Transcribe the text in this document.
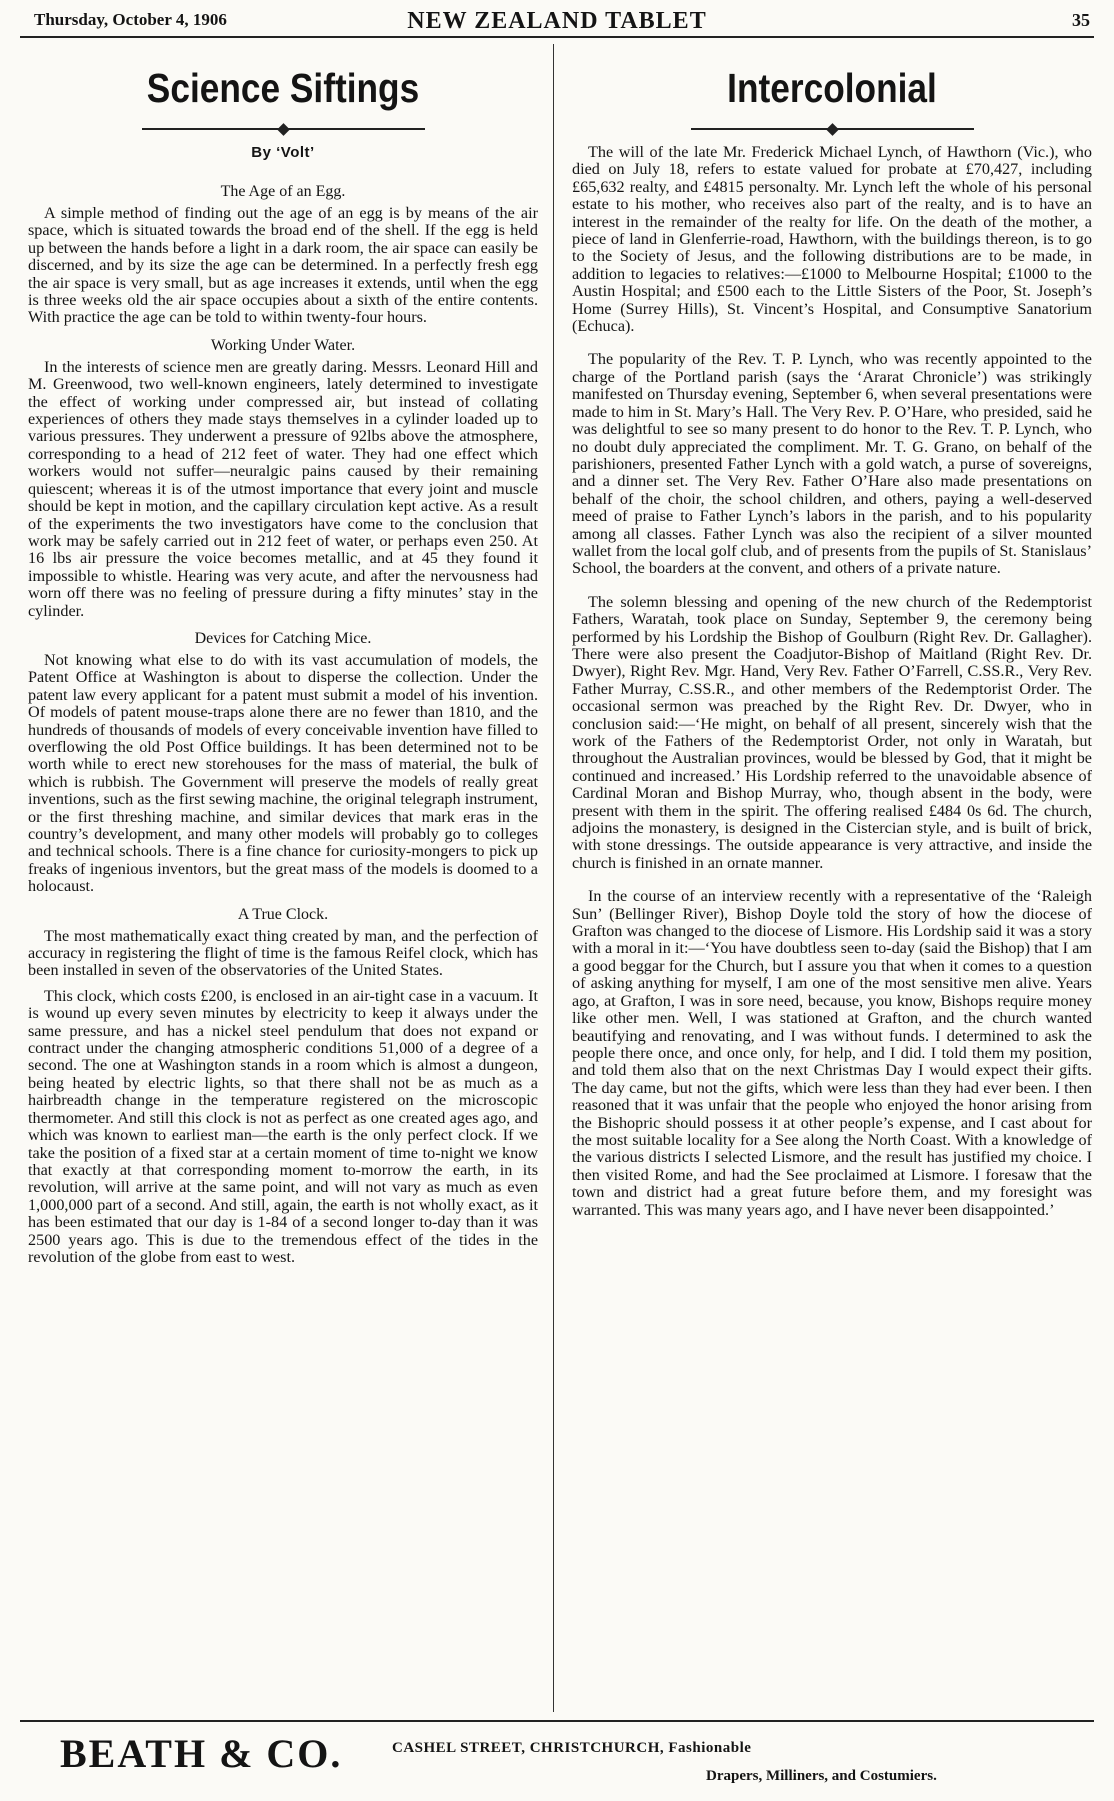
Thursday, October 4, 1906	NEW ZEALAND TABLET	35
Science Siftings
By ‘Volt’
The Age of an Egg.

A simple method of finding out the age of an egg is by means of the air space, which is situated towards the broad end of the shell. If the egg is held up between the hands before a light in a dark room, the air space can easily be discerned, and by its size the age can be determined. In a perfectly fresh egg the air space is very small, but as age increases it extends, until when the egg is three weeks old the air space occupies about a sixth of the entire contents. With practice the age can be told to within twenty-four hours.

Working Under Water.

In the interests of science men are greatly daring. Messrs. Leonard Hill and M. Greenwood, two well-known engineers, lately determined to investigate the effect of working under compressed air, but instead of collating experiences of others they made stays themselves in a cylinder loaded up to various pressures. They underwent a pressure of 92lbs above the atmosphere, corresponding to a head of 212 feet of water. They had one effect which workers would not suffer—neuralgic pains caused by their remaining quiescent; whereas it is of the utmost importance that every joint and muscle should be kept in motion, and the capillary circulation kept active. As a result of the experiments the two investigators have come to the conclusion that work may be safely carried out in 212 feet of water, or perhaps even 250. At 16 lbs air pressure the voice becomes metallic, and at 45 they found it impossible to whistle. Hearing was very acute, and after the nervousness had worn off there was no feeling of pressure during a fifty minutes’ stay in the cylinder.

Devices for Catching Mice.

Not knowing what else to do with its vast accumulation of models, the Patent Office at Washington is about to disperse the collection. Under the patent law every applicant for a patent must submit a model of his invention. Of models of patent mouse-traps alone there are no fewer than 1810, and the hundreds of thousands of models of every conceivable invention have filled to overflowing the old Post Office buildings. It has been determined not to be worth while to erect new storehouses for the mass of material, the bulk of which is rubbish. The Government will preserve the models of really great inventions, such as the first sewing machine, the original telegraph instrument, or the first threshing machine, and similar devices that mark eras in the country’s development, and many other models will probably go to colleges and technical schools. There is a fine chance for curiosity-mongers to pick up freaks of ingenious inventors, but the great mass of the models is doomed to a holocaust.

A True Clock.

The most mathematically exact thing created by man, and the perfection of accuracy in registering the flight of time is the famous Reifel clock, which has been installed in seven of the observatories of the United States.

This clock, which costs £200, is enclosed in an air-tight case in a vacuum. It is wound up every seven minutes by electricity to keep it always under the same pressure, and has a nickel steel pendulum that does not expand or contract under the changing atmospheric conditions 51,000 of a degree of a second. The one at Washington stands in a room which is almost a dungeon, being heated by electric lights, so that there shall not be as much as a hairbreadth change in the temperature registered on the microscopic thermometer. And still this clock is not as perfect as one created ages ago, and which was known to earliest man—the earth is the only perfect clock. If we take the position of a fixed star at a certain moment of time to-night we know that exactly at that corresponding moment to-morrow the earth, in its revolution, will arrive at the same point, and will not vary as much as even 1,000,000 part of a second. And still, again, the earth is not wholly exact, as it has been estimated that our day is 1-84 of a second longer to-day than it was 2500 years ago. This is due to the tremendous effect of the tides in the revolution of the globe from east to west.

Intercolonial

The will of the late Mr. Frederick Michael Lynch, of Hawthorn (Vic.), who died on July 18, refers to estate valued for probate at £70,427, including £65,632 realty, and £4815 personalty. Mr. Lynch left the whole of his personal estate to his mother, who receives also part of the realty, and is to have an interest in the remainder of the realty for life. On the death of the mother, a piece of land in Glenferrie-road, Hawthorn, with the buildings thereon, is to go to the Society of Jesus, and the following distributions are to be made, in addition to legacies to relatives:—£1000 to Melbourne Hospital; £1000 to the Austin Hospital; and £500 each to the Little Sisters of the Poor, St. Joseph’s Home (Surrey Hills), St. Vincent’s Hospital, and Consumptive Sanatorium (Echuca).

The popularity of the Rev. T. P. Lynch, who was recently appointed to the charge of the Portland parish (says the ‘Ararat Chronicle’) was strikingly manifested on Thursday evening, September 6, when several presentations were made to him in St. Mary’s Hall. The Very Rev. P. O’Hare, who presided, said he was delightful to see so many present to do honor to the Rev. T. P. Lynch, who no doubt duly appreciated the compliment. Mr. T. G. Grano, on behalf of the parishioners, presented Father Lynch with a gold watch, a purse of sovereigns, and a dinner set. The Very Rev. Father O’Hare also made presentations on behalf of the choir, the school children, and others, paying a well-deserved meed of praise to Father Lynch’s labors in the parish, and to his popularity among all classes. Father Lynch was also the recipient of a silver mounted wallet from the local golf club, and of presents from the pupils of St. Stanislaus’ School, the boarders at the convent, and others of a private nature.

The solemn blessing and opening of the new church of the Redemptorist Fathers, Waratah, took place on Sunday, September 9, the ceremony being performed by his Lordship the Bishop of Goulburn (Right Rev. Dr. Gallagher). There were also present the Coadjutor-Bishop of Maitland (Right Rev. Dr. Dwyer), Right Rev. Mgr. Hand, Very Rev. Father O’Farrell, C.SS.R., Very Rev. Father Murray, C.SS.R., and other members of the Redemptorist Order. The occasional sermon was preached by the Right Rev. Dr. Dwyer, who in conclusion said:—‘He might, on behalf of all present, sincerely wish that the work of the Fathers of the Redemptorist Order, not only in Waratah, but throughout the Australian provinces, would be blessed by God, that it might be continued and increased.’ His Lordship referred to the unavoidable absence of Cardinal Moran and Bishop Murray, who, though absent in the body, were present with them in the spirit. The offering realised £484 0s 6d. The church, adjoins the monastery, is designed in the Cistercian style, and is built of brick, with stone dressings. The outside appearance is very attractive, and inside the church is finished in an ornate manner.

In the course of an interview recently with a representative of the ‘Raleigh Sun’ (Bellinger River), Bishop Doyle told the story of how the diocese of Grafton was changed to the diocese of Lismore. His Lordship said it was a story with a moral in it:—‘You have doubtless seen to-day (said the Bishop) that I am a good beggar for the Church, but I assure you that when it comes to a question of asking anything for myself, I am one of the most sensitive men alive. Years ago, at Grafton, I was in sore need, because, you know, Bishops require money like other men. Well, I was stationed at Grafton, and the church wanted beautifying and renovating, and I was without funds. I determined to ask the people there once, and once only, for help, and I did. I told them my position, and told them also that on the next Christmas Day I would expect their gifts. The day came, but not the gifts, which were less than they had ever been. I then reasoned that it was unfair that the people who enjoyed the honor arising from the Bishopric should possess it at other people’s expense, and I cast about for the most suitable locality for a See along the North Coast. With a knowledge of the various districts I selected Lismore, and the result has justified my choice. I then visited Rome, and had the See proclaimed at Lismore. I foresaw that the town and district had a great future before them, and my foresight was warranted. This was many years ago, and I have never been disappointed.’

BEATH & CO.	CASHEL STREET, CHRISTCHURCH, Fashionable
Drapers, Milliners, and Costumiers.
